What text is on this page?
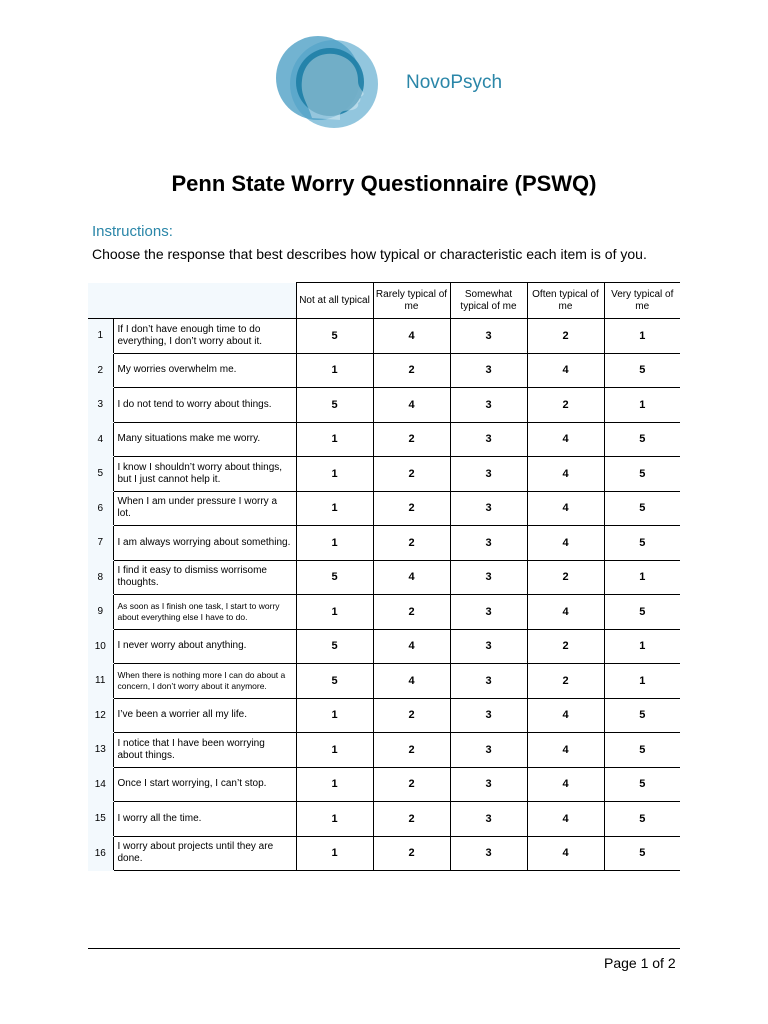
NovoPsych
Penn State Worry Questionnaire (PSWQ)
Instructions:
Choose the response that best describes how typical or characteristic each item is of you.
		Not at all typical	Rarely typical of me	Somewhat typical of me	Often typical of me	Very typical of me
1	If I don’t have enough time to do everything, I don’t worry about it.	5	4	3	2	1
2	My worries overwhelm me.	1	2	3	4	5
3	I do not tend to worry about things.	5	4	3	2	1
4	Many situations make me worry.	1	2	3	4	5
5	I know I shouldn’t worry about things, but I just cannot help it.	1	2	3	4	5
6	When I am under pressure I worry a lot.	1	2	3	4	5
7	I am always worrying about something.	1	2	3	4	5
8	I find it easy to dismiss worrisome thoughts.	5	4	3	2	1
9	As soon as I finish one task, I start to worry about everything else I have to do.	1	2	3	4	5
10	I never worry about anything.	5	4	3	2	1
11	When there is nothing more I can do about a concern, I don’t worry about it anymore.	5	4	3	2	1
12	I’ve been a worrier all my life.	1	2	3	4	5
13	I notice that I have been worrying about things.	1	2	3	4	5
14	Once I start worrying, I can’t stop.	1	2	3	4	5
15	I worry all the time.	1	2	3	4	5
16	I worry about projects until they are done.	1	2	3	4	5
Page 1 of 2
